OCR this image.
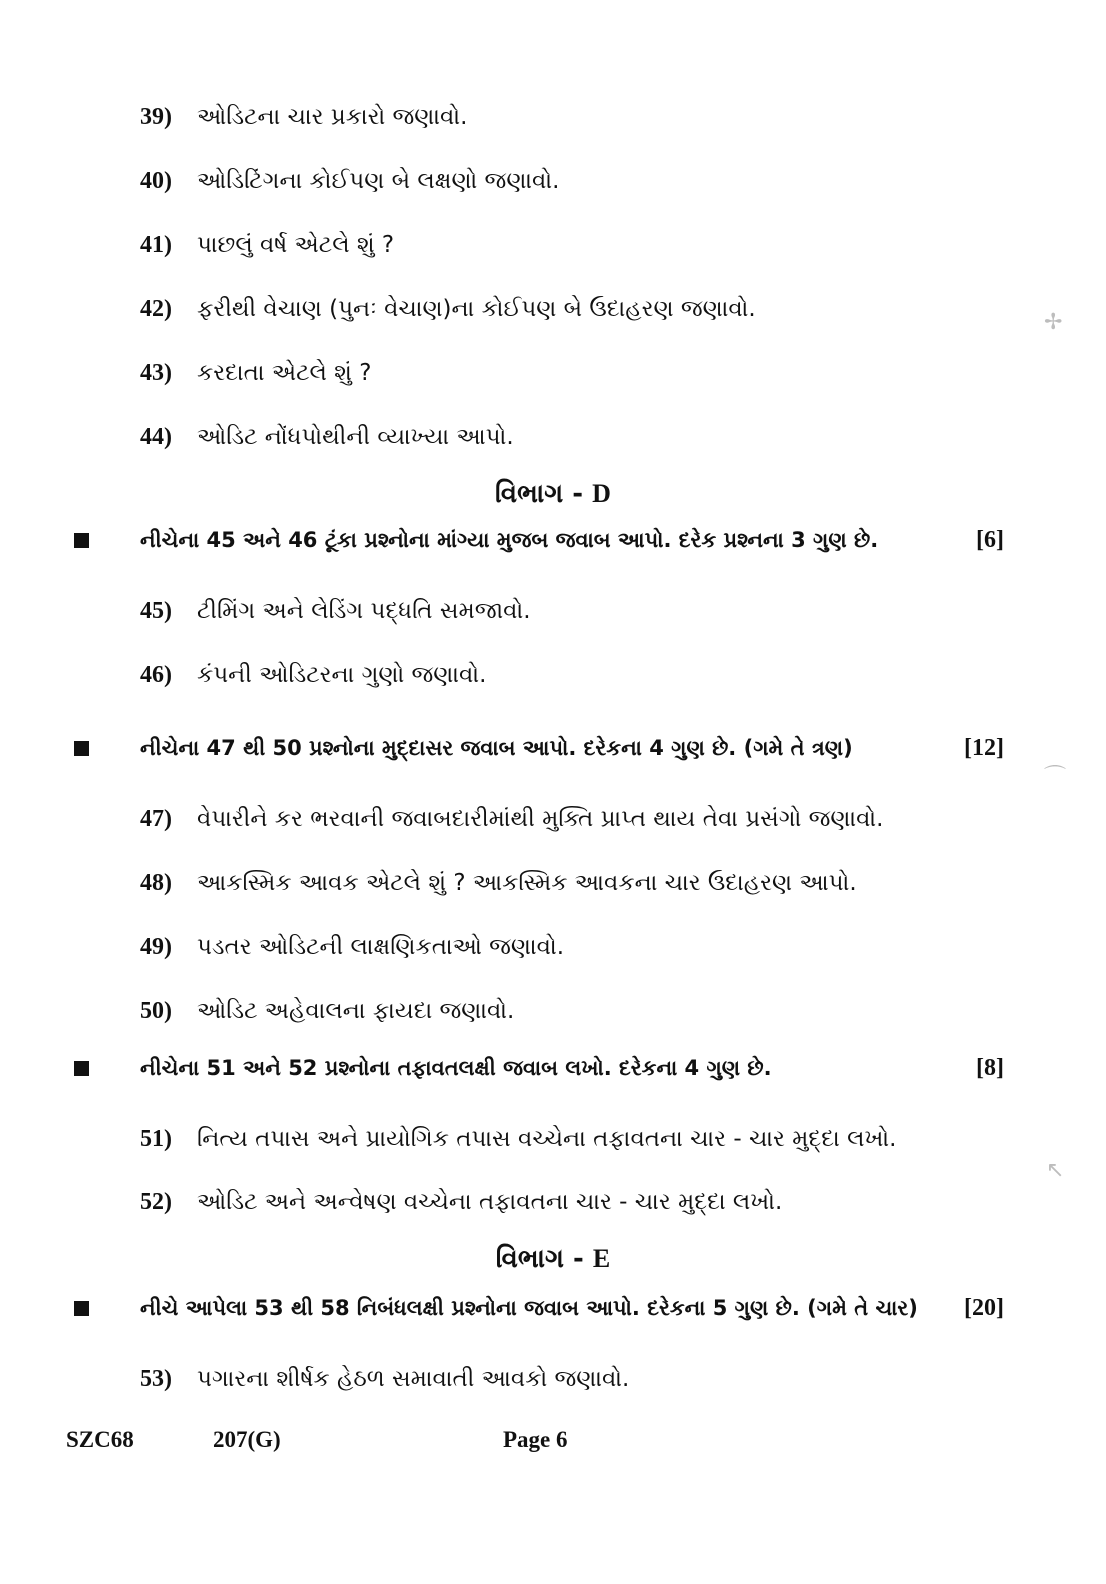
39) ઓડિટના ચાર પ્રકારો જણાવો.
40) ઓડિટિંગના કોઈપણ બે લક્ષણો જણાવો.
41) પાછલું વર્ષ એટલે શું ?
42) ફરીથી વેચાણ (પુનઃ વેચાણ)ના કોઈપણ બે ઉદાહરણ જણાવો.
43) કરદાતા એટલે શું ?
44) ઓડિટ નોંધપોથીની વ્યાખ્યા આપો.
વિભાગ - D
નીચેના 45 અને 46 ટૂંકા પ્રશ્નોના માંગ્યા મુજબ જવાબ આપો. દરેક પ્રશ્નના 3 ગુણ છે.	[6]
45) ટીમિંગ અને લેડિંગ પદ્ધતિ સમજાવો.
46) કંપની ઓડિટરના ગુણો જણાવો.
નીચેના 47 થી 50 પ્રશ્નોના મુદ્દાસર જવાબ આપો. દરેકના 4 ગુણ છે. (ગમે તે ત્રણ)	[12]
47) વેપારીને કર ભરવાની જવાબદારીમાંથી મુક્તિ પ્રાપ્ત થાય તેવા પ્રસંગો જણાવો.
48) આકસ્મિક આવક એટલે શું ? આકસ્મિક આવકના ચાર ઉદાહરણ આપો.
49) પડતર ઓડિટની લાક્ષણિકતાઓ જણાવો.
50) ઓડિટ અહેવાલના ફાયદા જણાવો.
નીચેના 51 અને 52 પ્રશ્નોના તફાવતલક્ષી જવાબ લખો. દરેકના 4 ગુણ છે.	[8]
51) નિત્ય તપાસ અને પ્રાયોગિક તપાસ વચ્ચેના તફાવતના ચાર - ચાર મુદ્દા લખો.
52) ઓડિટ અને અન્વેષણ વચ્ચેના તફાવતના ચાર - ચાર મુદ્દા લખો.
વિભાગ - E
નીચે આપેલા 53 થી 58 નિબંધલક્ષી પ્રશ્નોના જવાબ આપો. દરેકના 5 ગુણ છે. (ગમે તે ચાર) [20]
53) પગારના શીર્ષક હેઠળ સમાવાતી આવકો જણાવો.
SZC68	207(G)	Page 6
✢
⌒
↖
